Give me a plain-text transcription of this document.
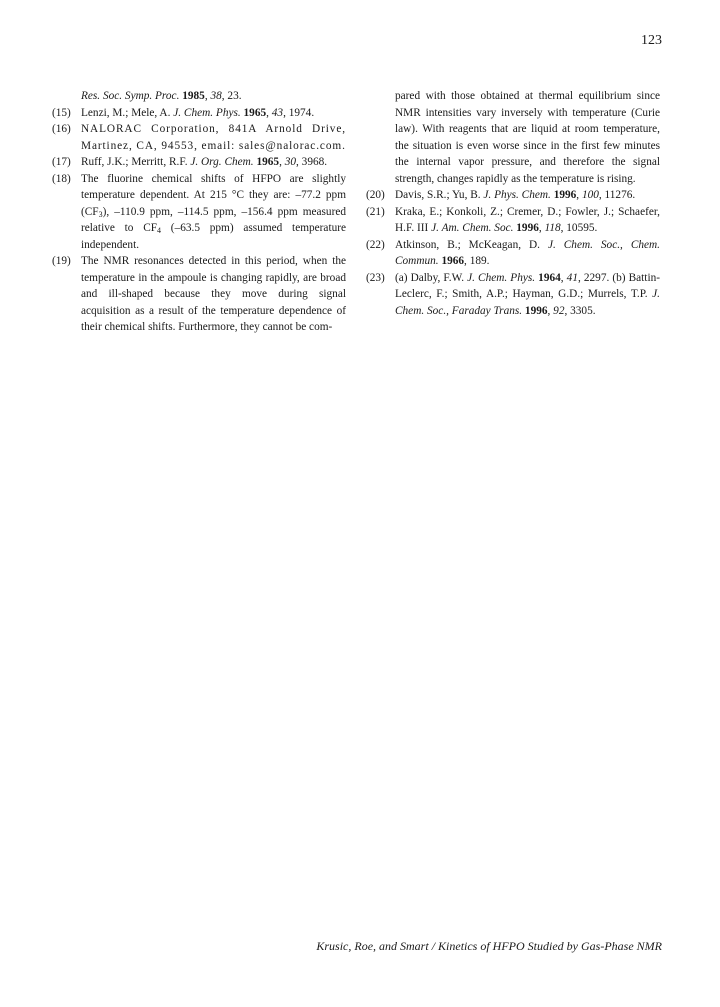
123

Res. Soc. Symp. Proc. 1985, 38, 23.

(15) Lenzi, M.; Mele, A. J. Chem. Phys. 1965, 43, 1974.

(16) NALORAC Corporation, 841A Arnold Drive, Martinez, CA, 94553, email: sales@nalorac.com.

(17) Ruff, J.K.; Merritt, R.F. J. Org. Chem. 1965, 30, 3968.

(18) The fluorine chemical shifts of HFPO are slightly temperature dependent. At 215 °C they are: –77.2 ppm $(CF_3)$, –110.9 ppm, –114.5 ppm, –156.4 ppm measured relative to $CF_4$ (–63.5 ppm) assumed temperature independent.

(19) The NMR resonances detected in this period, when the temperature in the ampoule is changing rapidly, are broad and ill-shaped because they move during signal acquisition as a result of the temperature dependence of their chemical shifts. Furthermore, they cannot be com-

pared with those obtained at thermal equilibrium since NMR intensities vary inversely with temperature (Curie law). With reagents that are liquid at room temperature, the situation is even worse since in the first few minutes the internal vapor pressure, and therefore the signal strength, changes rapidly as the temperature is rising.

(20) Davis, S.R.; Yu, B. J. Phys. Chem. 1996, 100, 11276.

(21) Kraka, E.; Konkoli, Z.; Cremer, D.; Fowler, J.; Schaefer, H.F. III J. Am. Chem. Soc. 1996, 118, 10595.

(22) Atkinson, B.; McKeagan, D. J. Chem. Soc., Chem. Commun. 1966, 189.

(23) (a) Dalby, F.W. J. Chem. Phys. 1964, 41, 2297. (b) Battin-Leclerc, F.; Smith, A.P.; Hayman, G.D.; Murrels, T.P. J. Chem. Soc., Faraday Trans. 1996, 92, 3305.

Krusic, Roe, and Smart / Kinetics of HFPO Studied by Gas-Phase NMR
